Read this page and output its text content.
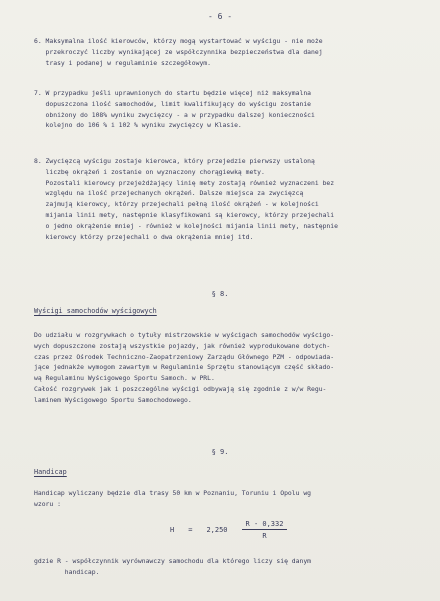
- 6 -

6. Maksymalna ilość kierowców, którzy mogą wystartować w wyścigu - nie może
przekroczyć liczby wynikającej ze współczynnika bezpieczeństwa dla danej
trasy i podanej w regulaminie szczegółowym.

7. W przypadku jeśli uprawnionych do startu będzie więcej niż maksymalna
dopuszczona ilość samochodów, limit kwalifikujący do wyścigu zostanie
obniżony do 108% wyniku zwycięzcy - a w przypadku dalszej konieczności
kolejno do 106 % i 102 % wyniku zwycięzcy w Klasie.

8. Zwycięzcą wyścigu zostaje kierowca, który przejedzie pierwszy ustaloną
liczbę okrążeń i zostanie on wyznaczony chorągiewką mety.
Pozostali kierowcy przejeżdżający linię mety zostają również wyznaczeni bez
względu na ilość przejechanych okrążeń. Dalsze miejsca za zwycięzcą
zajmują kierowcy, którzy przejechali pełną ilość okrążeń - w kolejności
mijania linii mety, następnie klasyfikowani są kierowcy, którzy przejechali
o jedno okrążenie mniej - również w kolejności mijania linii mety, następnie
kierowcy którzy przejechali o dwa okrążenia mniej itd.

§ 8.
Wyścigi samochodów wyścigowych

Do udziału w rozgrywkach o tytuły mistrzowskie w wyścigach samochodów wyścigo-
wych dopuszczone zostają wszystkie pojazdy, jak również wyprodukowane dotych-
czas przez Ośrodek Techniczno-Zaopatrzeniowy Zarządu Głównego PZM - odpowiada-
jące jednakże wymogom zawartym w Regulaminie Sprzętu stanowiącym część składo-
wą Regulaminu Wyścigowego Sportu Samoch. w PRL.
Całość rozgrywek jak i poszczególne wyścigi odbywają się zgodnie z w/w Regu-
laminem Wyścigowego Sportu Samochodowego.

§ 9.
Handicap

Handicap wyliczany będzie dla trasy 50 km w Poznaniu, Toruniu i Opolu wg
wzoru :

$H = 2,250 \frac{R - 0,332}{R}$

gdzie R - współczynnik wyrównawczy samochodu dla którego liczy się danym
handicap.
